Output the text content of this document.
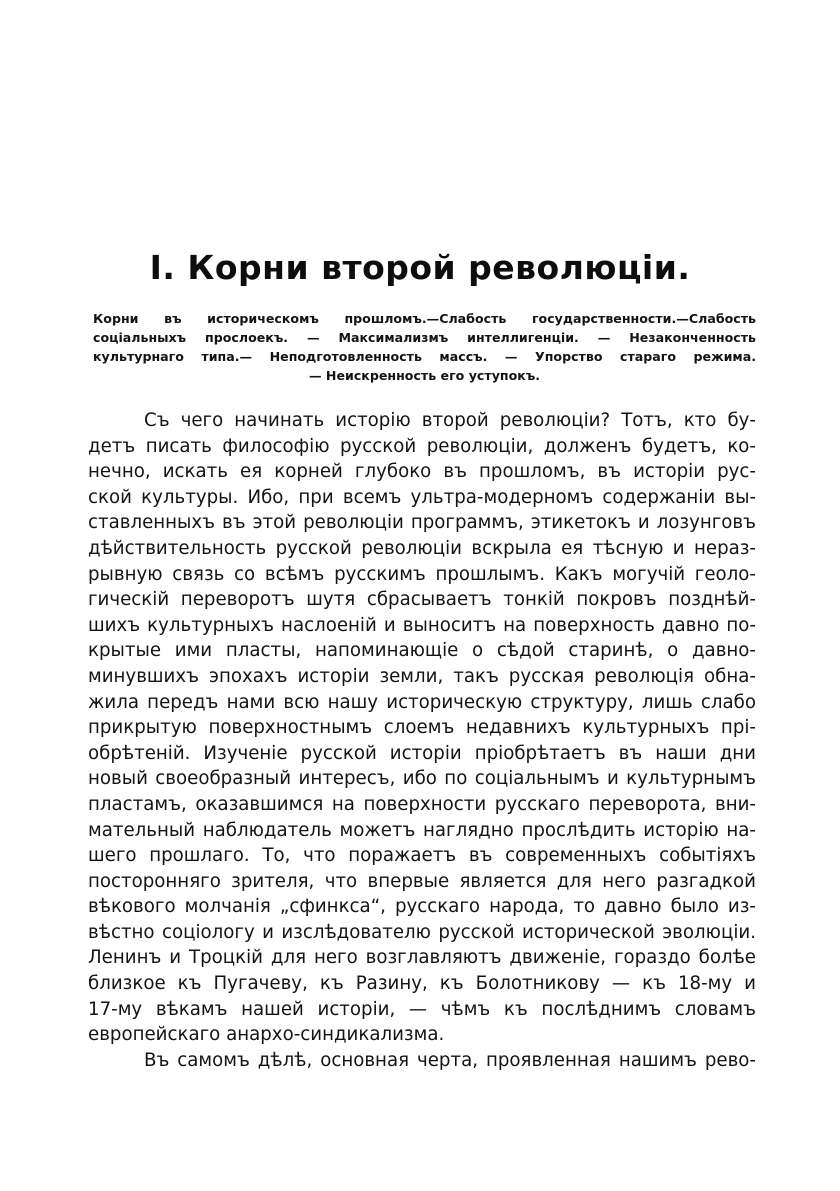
I. Корни второй революціи.

Корни въ историческомъ прошломъ.—Слабость государственности.—Слабость
соціальныхъ прослоекъ. — Максимализмъ интеллигенціи. — Незаконченность
культурнаго типа.— Неподготовленность массъ. — Упорство стараго режима.
— Неискренность его уступокъ.

Съ чего начинать исторію второй революціи? Тотъ, кто бу-
детъ писать философію русской революціи, долженъ будетъ, ко-
нечно, искать ея корней глубоко въ прошломъ, въ исторіи рус-
ской культуры. Ибо, при всемъ ультра-модерномъ содержаніи вы-
ставленныхъ въ этой революціи программъ, этикетокъ и лозунговъ
дѣйствительность русской революціи вскрыла ея тѣсную и нераз-
рывную связь со всѣмъ русскимъ прошлымъ. Какъ могучій геоло-
гическій переворотъ шутя сбрасываетъ тонкій покровъ позднѣй-
шихъ культурныхъ наслоеній и выноситъ на поверхность давно по-
крытые ими пласты, напоминающіе о сѣдой старинѣ, о давно-
минувшихъ эпохахъ исторіи земли, такъ русская революція обна-
жила передъ нами всю нашу историческую структуру, лишь слабо
прикрытую поверхностнымъ слоемъ недавнихъ культурныхъ прі-
обрѣтеній. Изученіе русской исторіи пріобрѣтаетъ въ наши дни
новый своеобразный интересъ, ибо по соціальнымъ и культурнымъ
пластамъ, оказавшимся на поверхности русскаго переворота, вни-
мательный наблюдатель можетъ наглядно прослѣдить исторію на-
шего прошлаго. То, что поражаетъ въ современныхъ событіяхъ
посторонняго зрителя, что впервые является для него разгадкой
вѣкового молчанія „сфинкса“, русскаго народа, то давно было из-
вѣстно соціологу и изслѣдователю русской исторической эволюціи.
Ленинъ и Троцкій для него возглавляютъ движеніе, гораздо болѣе
близкое къ Пугачеву, къ Разину, къ Болотникову — къ 18-му и
17-му вѣкамъ нашей исторіи, — чѣмъ къ послѣднимъ словамъ
европейскаго анархо-синдикализма.
Въ самомъ дѣлѣ, основная черта, проявленная нашимъ рево-
